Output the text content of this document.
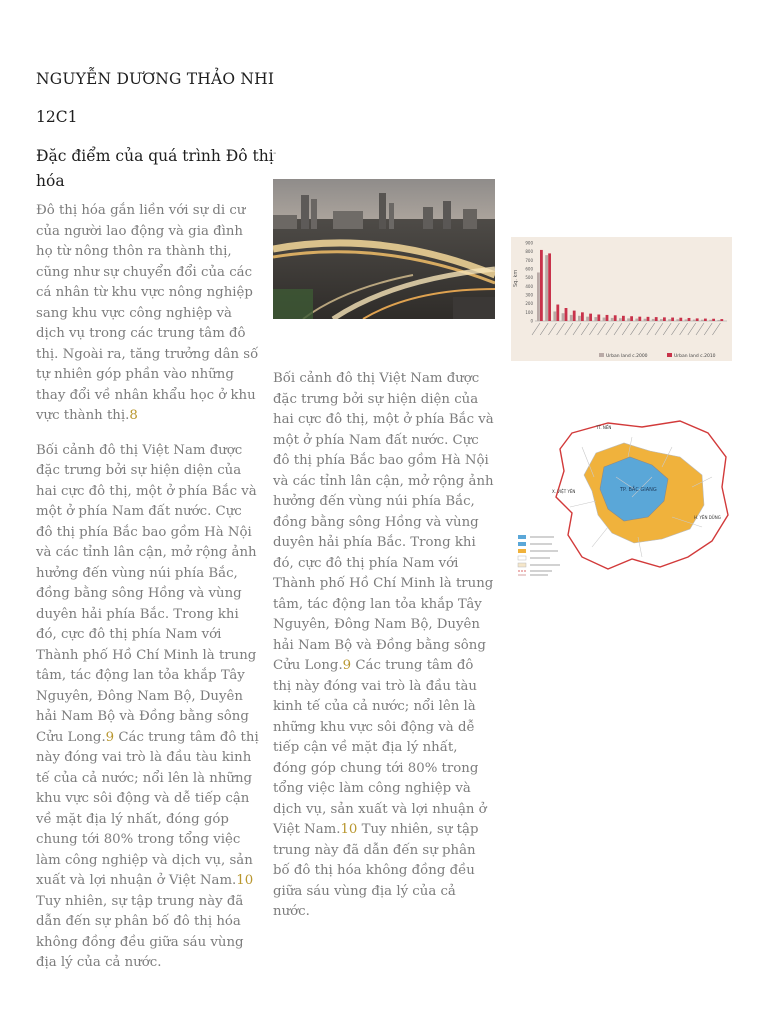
NGUYỄN DƯƠNG THẢO NHI
12C1
Đặc điểm của quá trình Đô thị hóa
-

Đô thị hóa gắn liền với sự di cư của người lao động và gia đình họ từ nông thôn ra thành thị, cũng như sự chuyển đổi của các cá nhân từ khu vực nông nghiệp sang khu vực công nghiệp và dịch vụ trong các trung tâm đô thị. Ngoài ra, tăng trưởng dân số tự nhiên góp phần vào những thay đổi về nhân khẩu học ở khu vực thành thị.8

Bối cảnh đô thị Việt Nam được đặc trưng bởi sự hiện diện của hai cực đô thị, một ở phía Bắc và một ở phía Nam đất nước. Cực đô thị phía Bắc bao gồm Hà Nội và các tỉnh lân cận, mở rộng ảnh hưởng đến vùng núi phía Bắc, đồng bằng sông Hồng và vùng duyên hải phía Bắc. Trong khi đó, cực đô thị phía Nam với Thành phố Hồ Chí Minh là trung tâm, tác động lan tỏa khắp Tây Nguyên, Đông Nam Bộ, Duyên hải Nam Bộ và Đồng bằng sông Cửu Long.9 Các trung tâm đô thị này đóng vai trò là đầu tàu kinh tế của cả nước; nổi lên là những khu vực sôi động và dễ tiếp cận về mặt địa lý nhất, đóng góp chung tới 80% trong tổng việc làm công nghiệp và dịch vụ, sản xuất và lợi nhuận ở Việt Nam.10 Tuy nhiên, sự tập trung này đã dẫn đến sự phân bố đô thị hóa không đồng đều giữa sáu vùng địa lý của cả nước.

Sq. km
900
800
700
600
500
400
300
200
100
0
Urban land c.2000	Urban land c.2010
TP. BẮC GIANG
X. VIỆT YÊN
H. YÊN DŨNG
TT. NẾN

Bối cảnh đô thị Việt Nam được đặc trưng bởi sự hiện diện của hai cực đô thị, một ở phía Bắc và một ở phía Nam đất nước. Cực đô thị phía Bắc bao gồm Hà Nội và các tỉnh lân cận, mở rộng ảnh hưởng đến vùng núi phía Bắc, đồng bằng sông Hồng và vùng duyên hải phía Bắc. Trong khi đó, cực đô thị phía Nam với Thành phố Hồ Chí Minh là trung tâm, tác động lan tỏa khắp Tây Nguyên, Đông Nam Bộ, Duyên hải Nam Bộ và Đồng bằng sông Cửu Long.9 Các trung tâm đô thị này đóng vai trò là đầu tàu kinh tế của cả nước; nổi lên là những khu vực sôi động và dễ tiếp cận về mặt địa lý nhất, đóng góp chung tới 80% trong tổng việc làm công nghiệp và dịch vụ, sản xuất và lợi nhuận ở Việt Nam.10 Tuy nhiên, sự tập trung này đã dẫn đến sự phân bố đô thị hóa không đồng đều giữa sáu vùng địa lý của cả nước.
